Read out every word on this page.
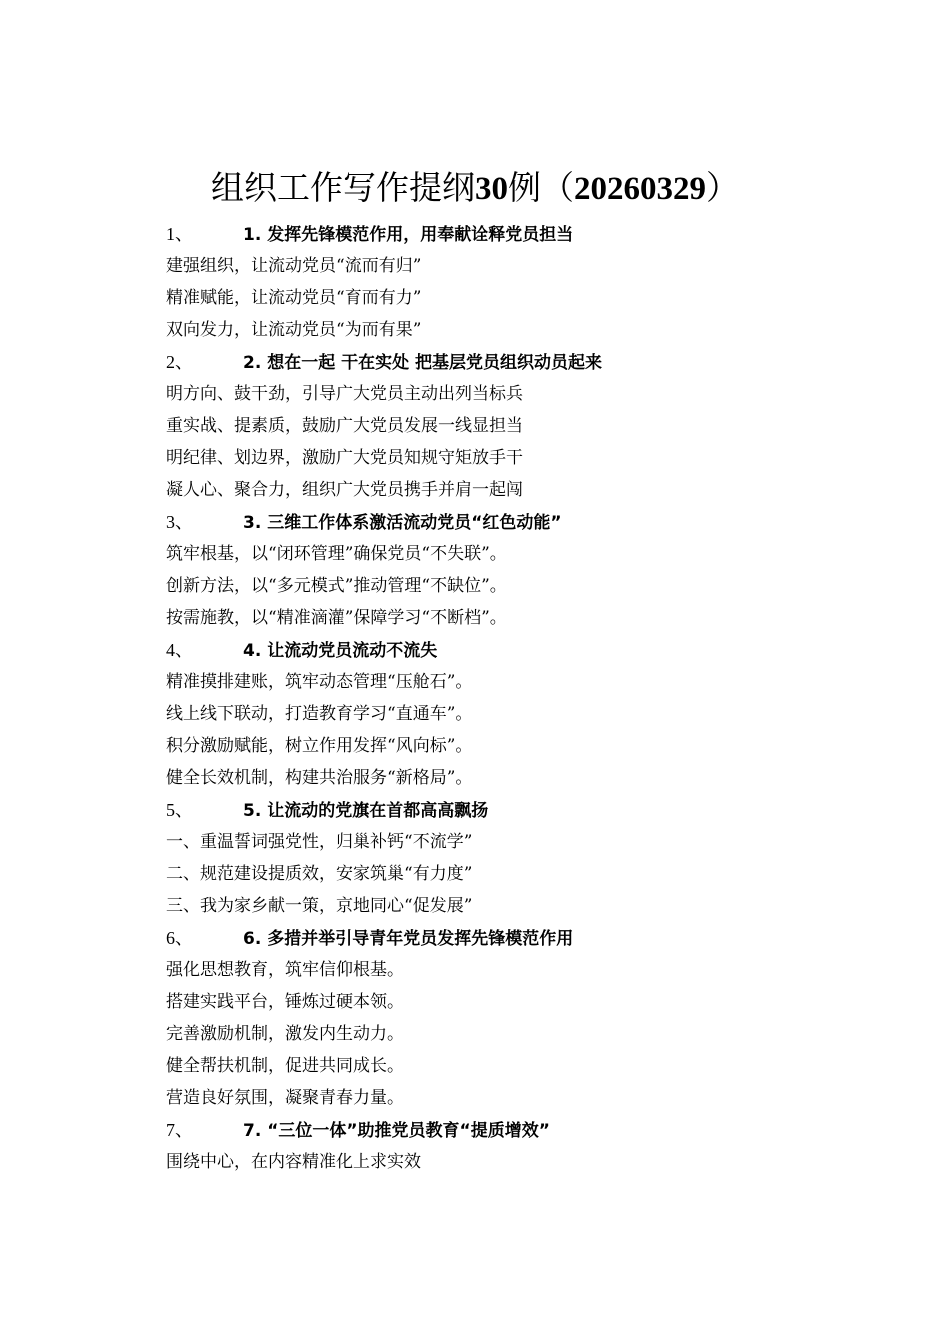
组织工作写作提纲30例（20260329）
1、	1. 发挥先锋模范作用，用奉献诠释党员担当
建强组织，让流动党员“流而有归”
精准赋能，让流动党员“育而有力”
双向发力，让流动党员“为而有果”
2、	2. 想在一起 干在实处 把基层党员组织动员起来
明方向、鼓干劲，引导广大党员主动出列当标兵
重实战、提素质，鼓励广大党员发展一线显担当
明纪律、划边界，激励广大党员知规守矩放手干
凝人心、聚合力，组织广大党员携手并肩一起闯
3、	3. 三维工作体系激活流动党员“红色动能”
筑牢根基，以“闭环管理”确保党员“不失联”。
创新方法，以“多元模式”推动管理“不缺位”。
按需施教，以“精准滴灌”保障学习“不断档”。
4、	4. 让流动党员流动不流失
精准摸排建账，筑牢动态管理“压舱石”。
线上线下联动，打造教育学习“直通车”。
积分激励赋能，树立作用发挥“风向标”。
健全长效机制，构建共治服务“新格局”。
5、	5. 让流动的党旗在首都高高飘扬
一、重温誓词强党性，归巢补钙“不流学”
二、规范建设提质效，安家筑巢“有力度”
三、我为家乡献一策，京地同心“促发展”
6、	6. 多措并举引导青年党员发挥先锋模范作用
强化思想教育，筑牢信仰根基。
搭建实践平台，锤炼过硬本领。
完善激励机制，激发内生动力。
健全帮扶机制，促进共同成长。
营造良好氛围，凝聚青春力量。
7、	7. “三位一体”助推党员教育“提质增效”
围绕中心，在内容精准化上求实效
